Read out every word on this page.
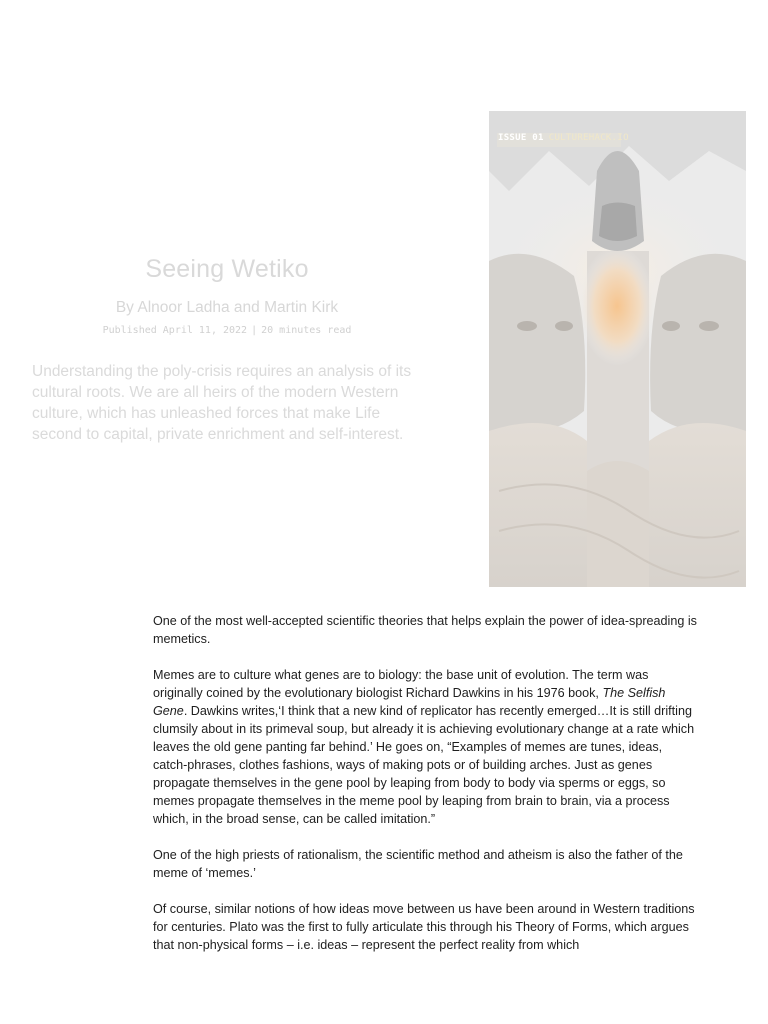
Seeing Wetiko
By Alnoor Ladha and Martin Kirk
Published April 11, 2022 | 20 minutes read

Understanding the poly-crisis requires an analysis of its cultural roots. We are all heirs of the modern Western culture, which has unleashed forces that make Life second to capital, private enrichment and self-interest.

ISSUE 01 CULTUREHACK.IO

One of the most well-accepted scientific theories that helps explain the power of idea-spreading is memetics.

Memes are to culture what genes are to biology: the base unit of evolution. The term was originally coined by the evolutionary biologist Richard Dawkins in his 1976 book, The Selfish Gene. Dawkins writes,‘I think that a new kind of replicator has recently emerged…It is still drifting clumsily about in its primeval soup, but already it is achieving evolutionary change at a rate which leaves the old gene panting far behind.’ He goes on, “Examples of memes are tunes, ideas, catch-phrases, clothes fashions, ways of making pots or of building arches. Just as genes propagate themselves in the gene pool by leaping from body to body via sperms or eggs, so memes propagate themselves in the meme pool by leaping from brain to brain, via a process which, in the broad sense, can be called imitation.”

One of the high priests of rationalism, the scientific method and atheism is also the father of the meme of ‘memes.’

Of course, similar notions of how ideas move between us have been around in Western traditions for centuries. Plato was the first to fully articulate this through his Theory of Forms, which argues that non-physical forms – i.e. ideas – represent the perfect reality from which
